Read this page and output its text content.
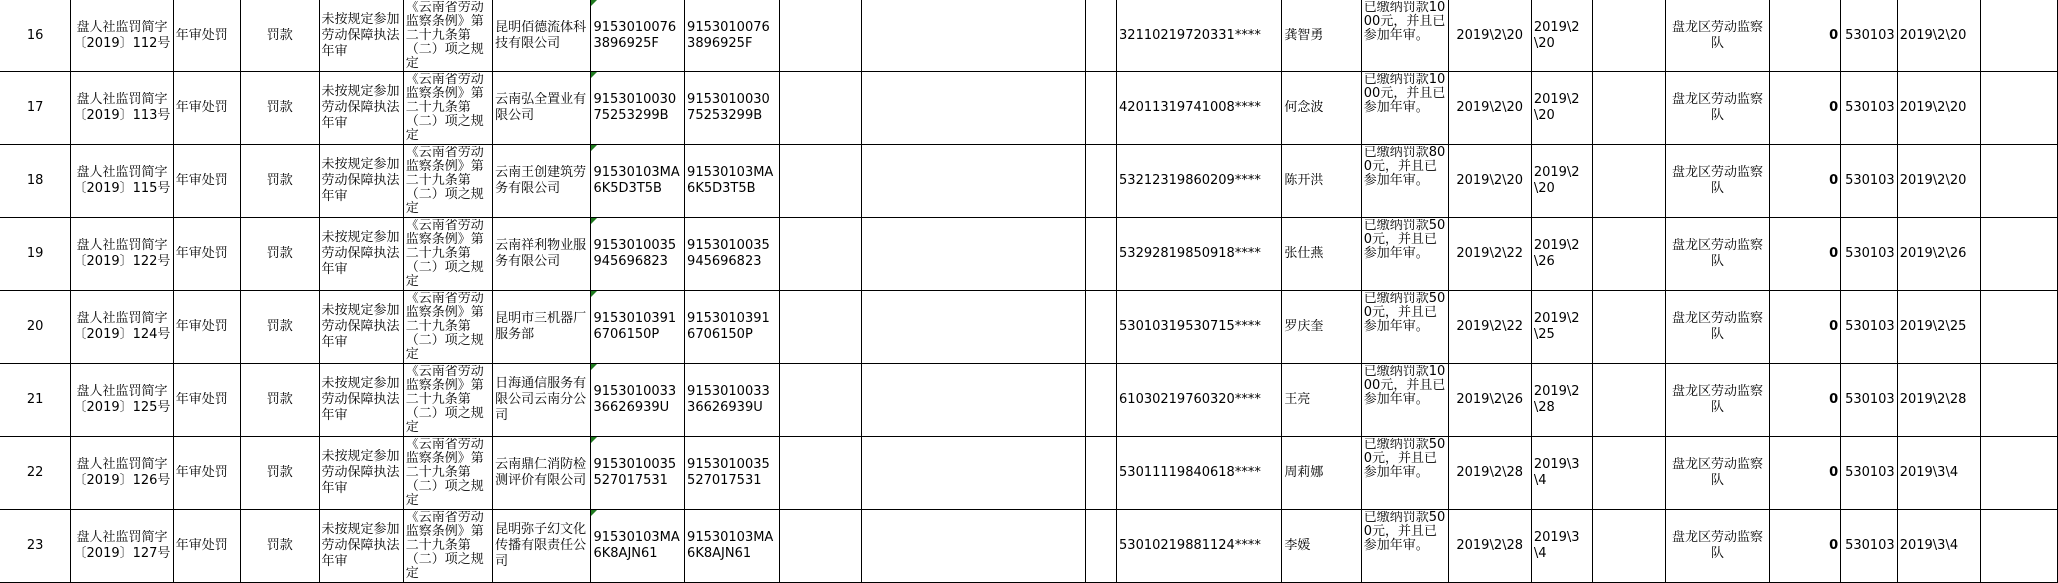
16	盘人社监罚简字〔2019〕112号	年审处罚	罚款	未按规定参加劳动保障执法年审	《云南省劳动监察条例》第二十九条第（二）项之规定	昆明佰德流体科技有限公司	91530100763896925F	91530100763896925F				32110219720331****	龚智勇	已缴纳罚款1000元，并且已参加年审。	2019\2\20	2019\2\20		盘龙区劳动监察队	0	530103	2019\2\20	

17	盘人社监罚简字〔2019〕113号	年审处罚	罚款	未按规定参加劳动保障执法年审	《云南省劳动监察条例》第二十九条第（二）项之规定	云南弘全置业有限公司	915301003075253299B	915301003075253299B				42011319741008****	何念波	已缴纳罚款1000元，并且已参加年审。	2019\2\20	2019\2\20		盘龙区劳动监察队	0	530103	2019\2\20	

18	盘人社监罚简字〔2019〕115号	年审处罚	罚款	未按规定参加劳动保障执法年审	《云南省劳动监察条例》第二十九条第（二）项之规定	云南王创建筑劳务有限公司	91530103MA6K5D3T5B	91530103MA6K5D3T5B				53212319860209****	陈开洪	已缴纳罚款800元，并且已参加年审。	2019\2\20	2019\2\20		盘龙区劳动监察队	0	530103	2019\2\20	

19	盘人社监罚简字〔2019〕122号	年审处罚	罚款	未按规定参加劳动保障执法年审	《云南省劳动监察条例》第二十九条第（二）项之规定	云南祥利物业服务有限公司	9153010035945696823	9153010035945696823				53292819850918****	张仕燕	已缴纳罚款500元，并且已参加年审。	2019\2\22	2019\2\26		盘龙区劳动监察队	0	530103	2019\2\26	

20	盘人社监罚简字〔2019〕124号	年审处罚	罚款	未按规定参加劳动保障执法年审	《云南省劳动监察条例》第二十九条第（二）项之规定	昆明市三机器厂服务部	91530103916706150P	91530103916706150P				53010319530715****	罗庆奎	已缴纳罚款500元，并且已参加年审。	2019\2\22	2019\2\25		盘龙区劳动监察队	0	530103	2019\2\25	

21	盘人社监罚简字〔2019〕125号	年审处罚	罚款	未按规定参加劳动保障执法年审	《云南省劳动监察条例》第二十九条第（二）项之规定	日海通信服务有限公司云南分公司	915301003336626939U	915301003336626939U				61030219760320****	王亮	已缴纳罚款1000元，并且已参加年审。	2019\2\26	2019\2\28		盘龙区劳动监察队	0	530103	2019\2\28	

22	盘人社监罚简字〔2019〕126号	年审处罚	罚款	未按规定参加劳动保障执法年审	《云南省劳动监察条例》第二十九条第（二）项之规定	云南鼎仁消防检测评价有限公司	9153010035527017531	9153010035527017531				53011119840618****	周莉娜	已缴纳罚款500元，并且已参加年审。	2019\2\28	2019\3\4		盘龙区劳动监察队	0	530103	2019\3\4	

23	盘人社监罚简字〔2019〕127号	年审处罚	罚款	未按规定参加劳动保障执法年审	《云南省劳动监察条例》第二十九条第（二）项之规定	昆明弥子幻文化传播有限责任公司	91530103MA6K8AJN61	91530103MA6K8AJN61				53010219881124****	李媛	已缴纳罚款500元，并且已参加年审。	2019\2\28	2019\3\4		盘龙区劳动监察队	0	530103	2019\3\4	
